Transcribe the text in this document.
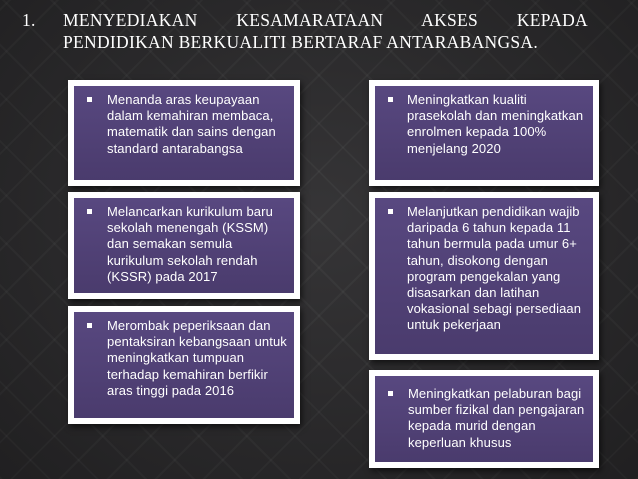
1. MENYEDIAKAN KESAMARATAAN AKSES KEPADA PENDIDIKAN BERKUALITI BERTARAF ANTARABANGSA.
Menanda aras keupayaan dalam kemahiran membaca, matematik dan sains dengan standard antarabangsa
Melancarkan kurikulum baru sekolah menengah (KSSM) dan semakan semula kurikulum sekolah rendah (KSSR) pada 2017
Merombak peperiksaan dan pentaksiran kebangsaan untuk meningkatkan tumpuan terhadap kemahiran berfikir aras tinggi pada 2016
Meningkatkan kualiti prasekolah dan meningkatkan enrolmen kepada 100% menjelang 2020
Melanjutkan pendidikan wajib daripada 6 tahun kepada 11 tahun bermula pada umur 6+ tahun, disokong dengan program pengekalan yang disasarkan dan latihan vokasional sebagi persediaan untuk pekerjaan
Meningkatkan pelaburan bagi sumber fizikal dan pengajaran kepada murid dengan keperluan khusus
